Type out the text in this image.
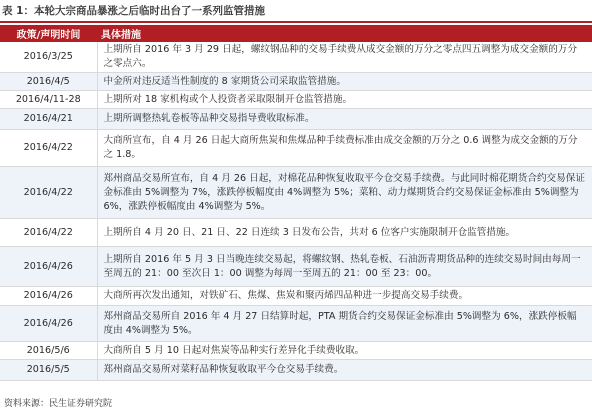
表 1：本轮大宗商品暴涨之后临时出台了一系列监管措施
政策/声明时间	具体措施
2016/3/25	上期所自 2016 年 3 月 29 日起，螺纹钢品种的交易手续费从成交金额的万分之零点四五调整为成交金额的万分之零点六。
2016/4/5	中金所对违反适当性制度的 8 家期货公司采取监管措施。
2016/4/11-28	上期所对 18 家机构或个人投资者采取限制开仓监管措施。
2016/4/21	上期所调整热轧卷板等品种交易指导费收取标准。
2016/4/22	大商所宣布，自 4 月 26 日起大商所焦炭和焦煤品种手续费标准由成交金额的万分之 0.6 调整为成交金额的万分之 1.8。
2016/4/22	郑州商品交易所宣布，自 4 月 26 日起，对棉花品种恢复收取平今仓交易手续费。与此同时棉花期货合约交易保证金标准由 5%调整为 7%，涨跌停板幅度由 4%调整为 5%；菜粕、动力煤期货合约交易保证金标准由 5%调整为 6%，涨跌停板幅度由 4%调整为 5%。
2016/4/22	上期所自 4 月 20 日、21 日、22 日连续 3 日发布公告，共对 6 位客户实施限制开仓监管措施。
2016/4/26	上期所自 2016 年 5 月 3 日当晚连续交易起，将螺纹钢、热轧卷板、石油沥青期货品种的连续交易时间由每周一至周五的 21：00 至次日 1：00 调整为每周一至周五的 21：00 至 23：00。
2016/4/26	大商所再次发出通知，对铁矿石、焦煤、焦炭和聚丙烯四品种进一步提高交易手续费。
2016/4/26	郑州商品交易所自 2016 年 4 月 27 日结算时起，PTA 期货合约交易保证金标准由 5%调整为 6%，涨跌停板幅度由 4%调整为 5%。
2016/5/6	大商所自 5 月 10 日起对焦炭等品种实行差异化手续费收取。
2016/5/5	郑州商品交易所对菜籽品种恢复收取平今仓交易手续费。
资料来源：民生证券研究院
